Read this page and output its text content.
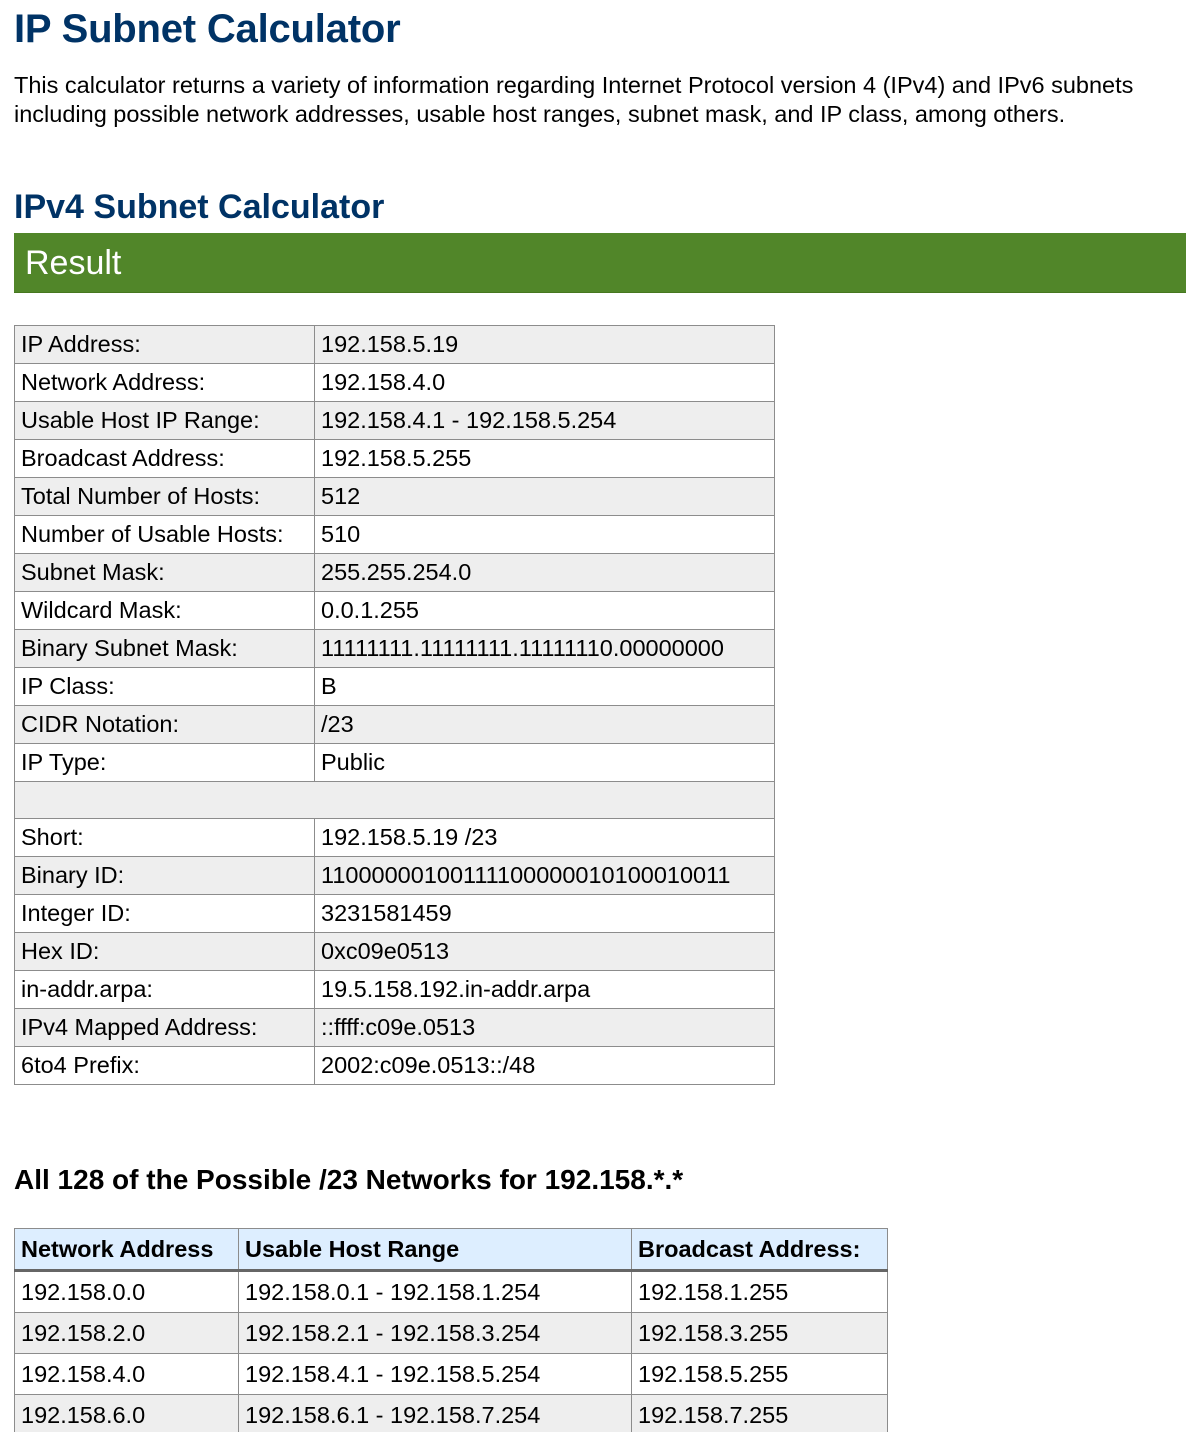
IP Subnet Calculator

This calculator returns a variety of information regarding Internet Protocol version 4 (IPv4) and IPv6 subnets including possible network addresses, usable host ranges, subnet mask, and IP class, among others.

IPv4 Subnet Calculator
Result
IP Address:	192.158.5.19
Network Address:	192.158.4.0
Usable Host IP Range:	192.158.4.1 - 192.158.5.254
Broadcast Address:	192.158.5.255
Total Number of Hosts:	512
Number of Usable Hosts:	510
Subnet Mask:	255.255.254.0
Wildcard Mask:	0.0.1.255
Binary Subnet Mask:	11111111.11111111.11111110.00000000
IP Class:	B
CIDR Notation:	/23
IP Type:	Public

Short:	192.158.5.19 /23
Binary ID:	11000000100111100000010100010011
Integer ID:	3231581459
Hex ID:	0xc09e0513
in-addr.arpa:	19.5.158.192.in-addr.arpa
IPv4 Mapped Address:	::ffff:c09e.0513
6to4 Prefix:	2002:c09e.0513::/48
All 128 of the Possible /23 Networks for 192.158.*.*
Network Address	Usable Host Range	Broadcast Address:
192.158.0.0	192.158.0.1 - 192.158.1.254	192.158.1.255
192.158.2.0	192.158.2.1 - 192.158.3.254	192.158.3.255
192.158.4.0	192.158.4.1 - 192.158.5.254	192.158.5.255
192.158.6.0	192.158.6.1 - 192.158.7.254	192.158.7.255
